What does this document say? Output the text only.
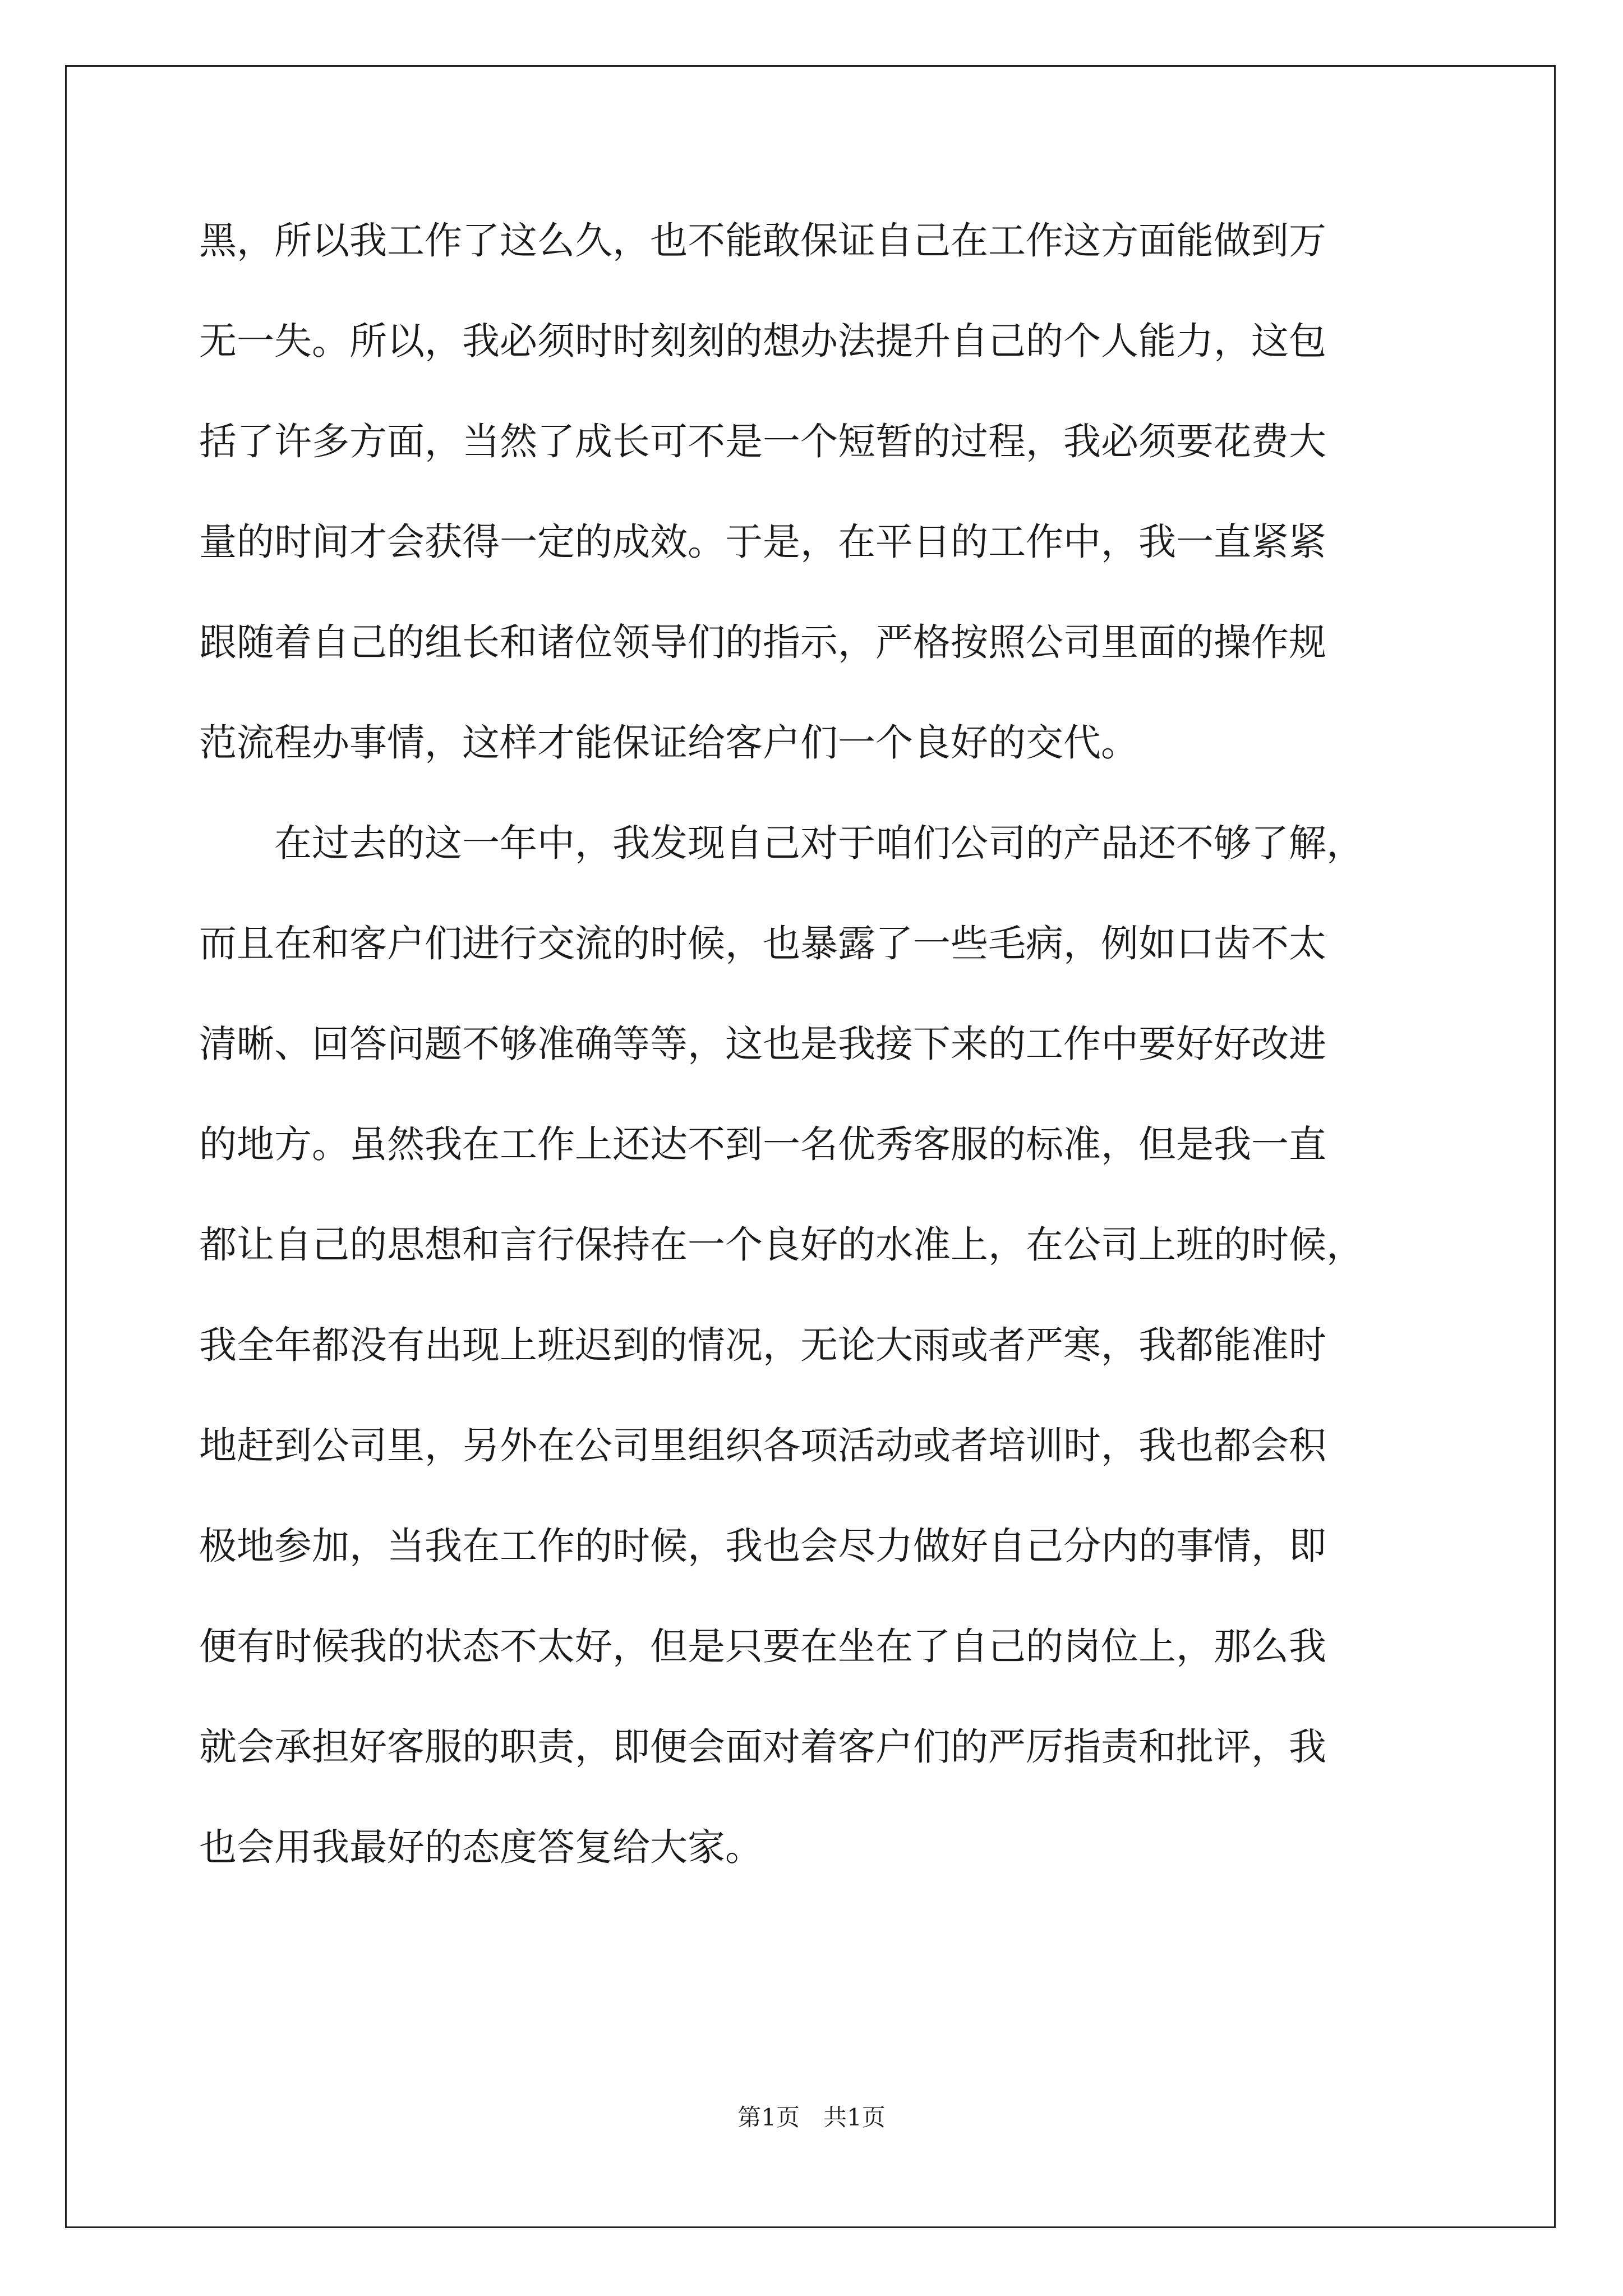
黑，所以我工作了这么久，也不能敢保证自己在工作这方面能做到万
无一失。所以，我必须时时刻刻的想办法提升自己的个人能力，这包
括了许多方面，当然了成长可不是一个短暂的过程，我必须要花费大
量的时间才会获得一定的成效。于是，在平日的工作中，我一直紧紧
跟随着自己的组长和诸位领导们的指示，严格按照公司里面的操作规
范流程办事情，这样才能保证给客户们一个良好的交代。

在过去的这一年中，我发现自己对于咱们公司的产品还不够了解，
而且在和客户们进行交流的时候，也暴露了一些毛病，例如口齿不太
清晰、回答问题不够准确等等，这也是我接下来的工作中要好好改进
的地方。虽然我在工作上还达不到一名优秀客服的标准，但是我一直
都让自己的思想和言行保持在一个良好的水准上，在公司上班的时候，
我全年都没有出现上班迟到的情况，无论大雨或者严寒，我都能准时
地赶到公司里，另外在公司里组织各项活动或者培训时，我也都会积
极地参加，当我在工作的时候，我也会尽力做好自己分内的事情，即
便有时候我的状态不太好，但是只要在坐在了自己的岗位上，那么我
就会承担好客服的职责，即便会面对着客户们的严厉指责和批评，我
也会用我最好的态度答复给大家。

第1页　共1页
